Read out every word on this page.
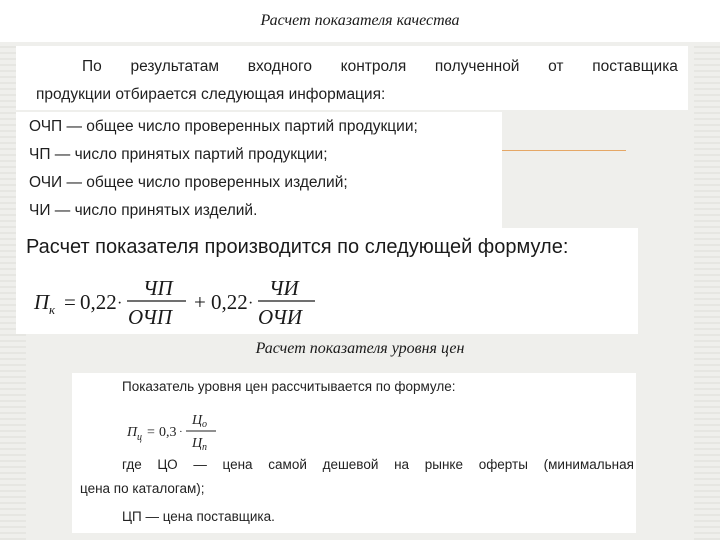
Расчет показателя качества
По результатам входного контроля полученной от поставщика
продукции отбирается следующая информация:
ОЧП — общее число проверенных партий продукции;
ЧП — число принятых партий продукции;
ОЧИ — общее число проверенных изделий;
ЧИ — число принятых изделий.
Расчет показателя производится по следующей формуле:
П к = 0,22 ·
ЧП
ОЧП
+ 0,22 ·
ЧИ
ОЧИ
Расчет показателя уровня цен
Показатель уровня цен рассчитывается по формуле:
П ц = 0,3 ·
Ц о
Ц п
где ЦО — цена самой дешевой на рынке оферты (минимальная
цена по каталогам);
ЦП — цена поставщика.
